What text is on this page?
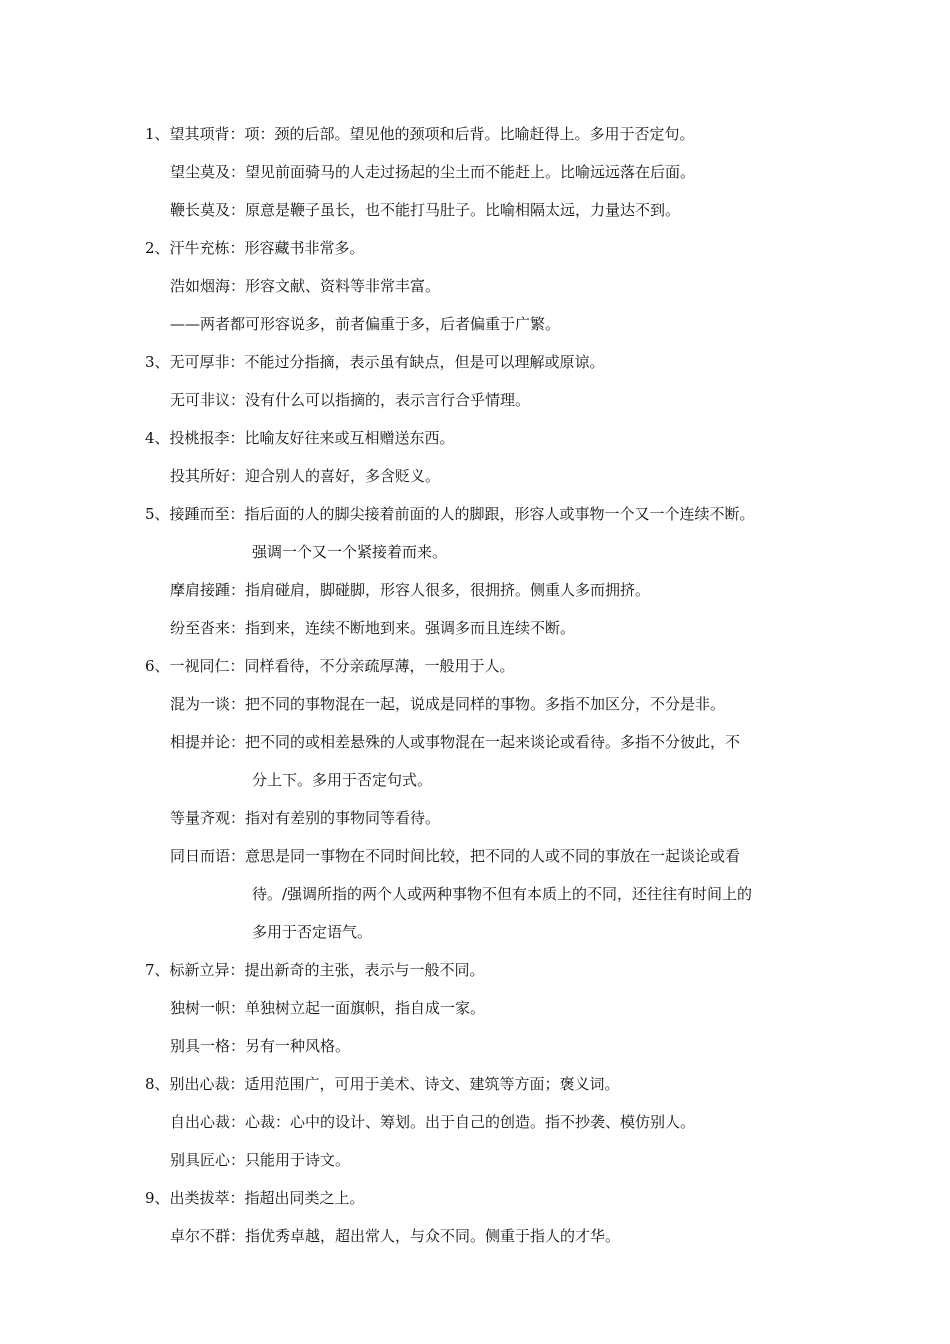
1、望其项背：项：颈的后部。望见他的颈项和后背。比喻赶得上。多用于否定句。
望尘莫及：望见前面骑马的人走过扬起的尘土而不能赶上。比喻远远落在后面。
鞭长莫及：原意是鞭子虽长，也不能打马肚子。比喻相隔太远，力量达不到。
2、汗牛充栋：形容藏书非常多。
浩如烟海：形容文献、资料等非常丰富。
——两者都可形容说多，前者偏重于多，后者偏重于广繁。
3、无可厚非：不能过分指摘，表示虽有缺点，但是可以理解或原谅。
无可非议：没有什么可以指摘的，表示言行合乎情理。
4、投桃报李：比喻友好往来或互相赠送东西。
投其所好：迎合别人的喜好，多含贬义。
5、接踵而至：指后面的人的脚尖接着前面的人的脚跟，形容人或事物一个又一个连续不断。
强调一个又一个紧接着而来。
摩肩接踵：指肩碰肩，脚碰脚，形容人很多，很拥挤。侧重人多而拥挤。
纷至沓来：指到来，连续不断地到来。强调多而且连续不断。
6、一视同仁：同样看待，不分亲疏厚薄，一般用于人。
混为一谈：把不同的事物混在一起，说成是同样的事物。多指不加区分，不分是非。
相提并论：把不同的或相差悬殊的人或事物混在一起来谈论或看待。多指不分彼此，不
分上下。多用于否定句式。
等量齐观：指对有差别的事物同等看待。
同日而语：意思是同一事物在不同时间比较，把不同的人或不同的事放在一起谈论或看
待。/强调所指的两个人或两种事物不但有本质上的不同，还往往有时间上的
多用于否定语气。
7、标新立异：提出新奇的主张，表示与一般不同。
独树一帜：单独树立起一面旗帜，指自成一家。
别具一格：另有一种风格。
8、别出心裁：适用范围广，可用于美术、诗文、建筑等方面；褒义词。
自出心裁：心裁：心中的设计、筹划。出于自己的创造。指不抄袭、模仿别人。
别具匠心：只能用于诗文。
9、出类拔萃：指超出同类之上。
卓尔不群：指优秀卓越，超出常人，与众不同。侧重于指人的才华。
